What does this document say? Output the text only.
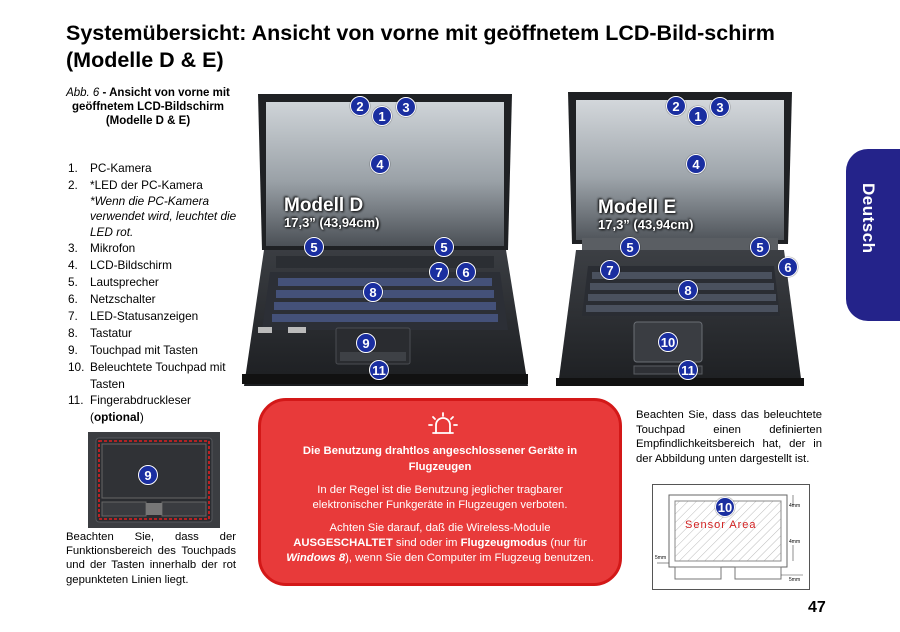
Systemübersicht: Ansicht von vorne mit geöffnetem LCD-Bild-schirm (Modelle D & E)
Abb. 6 - Ansicht von vorne mit geöffnetem LCD-Bildschirm (Modelle D & E)
1.	PC-Kamera
2.	*LED der PC-Kamera
*Wenn die PC-Kamera verwendet wird, leuchtet die LED rot.
3.	Mikrofon
4.	LCD-Bildschirm
5.	Lautsprecher
6.	Netzschalter
7.	LED-Statusanzeigen
8.	Tastatur
9.	Touchpad mit Tasten
10. Beleuchtete Touchpad mit Tasten
11. Fingerabdruckleser
(optional)
1
2	3
4
Modell D
17,3” (43,94cm)
5	5
7	6
8
9
11
1
2	3
4
Modell E
17,3” (43,94cm)
5	5
7	6
8
10
11
9
Beachten Sie, dass der Funktionsbereich des Touchpads und der Tasten innerhalb der rot gepunkteten Linien liegt.
Die Benutzung drahtlos angeschlossener Geräte in Flugzeugen

In der Regel ist die Benutzung jeglicher tragbarer elektronischer Funkgeräte in Flugzeugen verboten.

Achten Sie darauf, daß die Wireless-Module AUSGESCHALTET sind oder im Flugzeugmodus (nur für Windows 8), wenn Sie den Computer im Flugzeug benutzen.

Beachten Sie, dass das beleuchtete Touchpad einen definierten Empfindlichkeitsbereich hat, der in der Abbildung unten dargestellt ist.
10
Sensor Area
4mm
4mm
5mm
5mm
Deutsch
47
